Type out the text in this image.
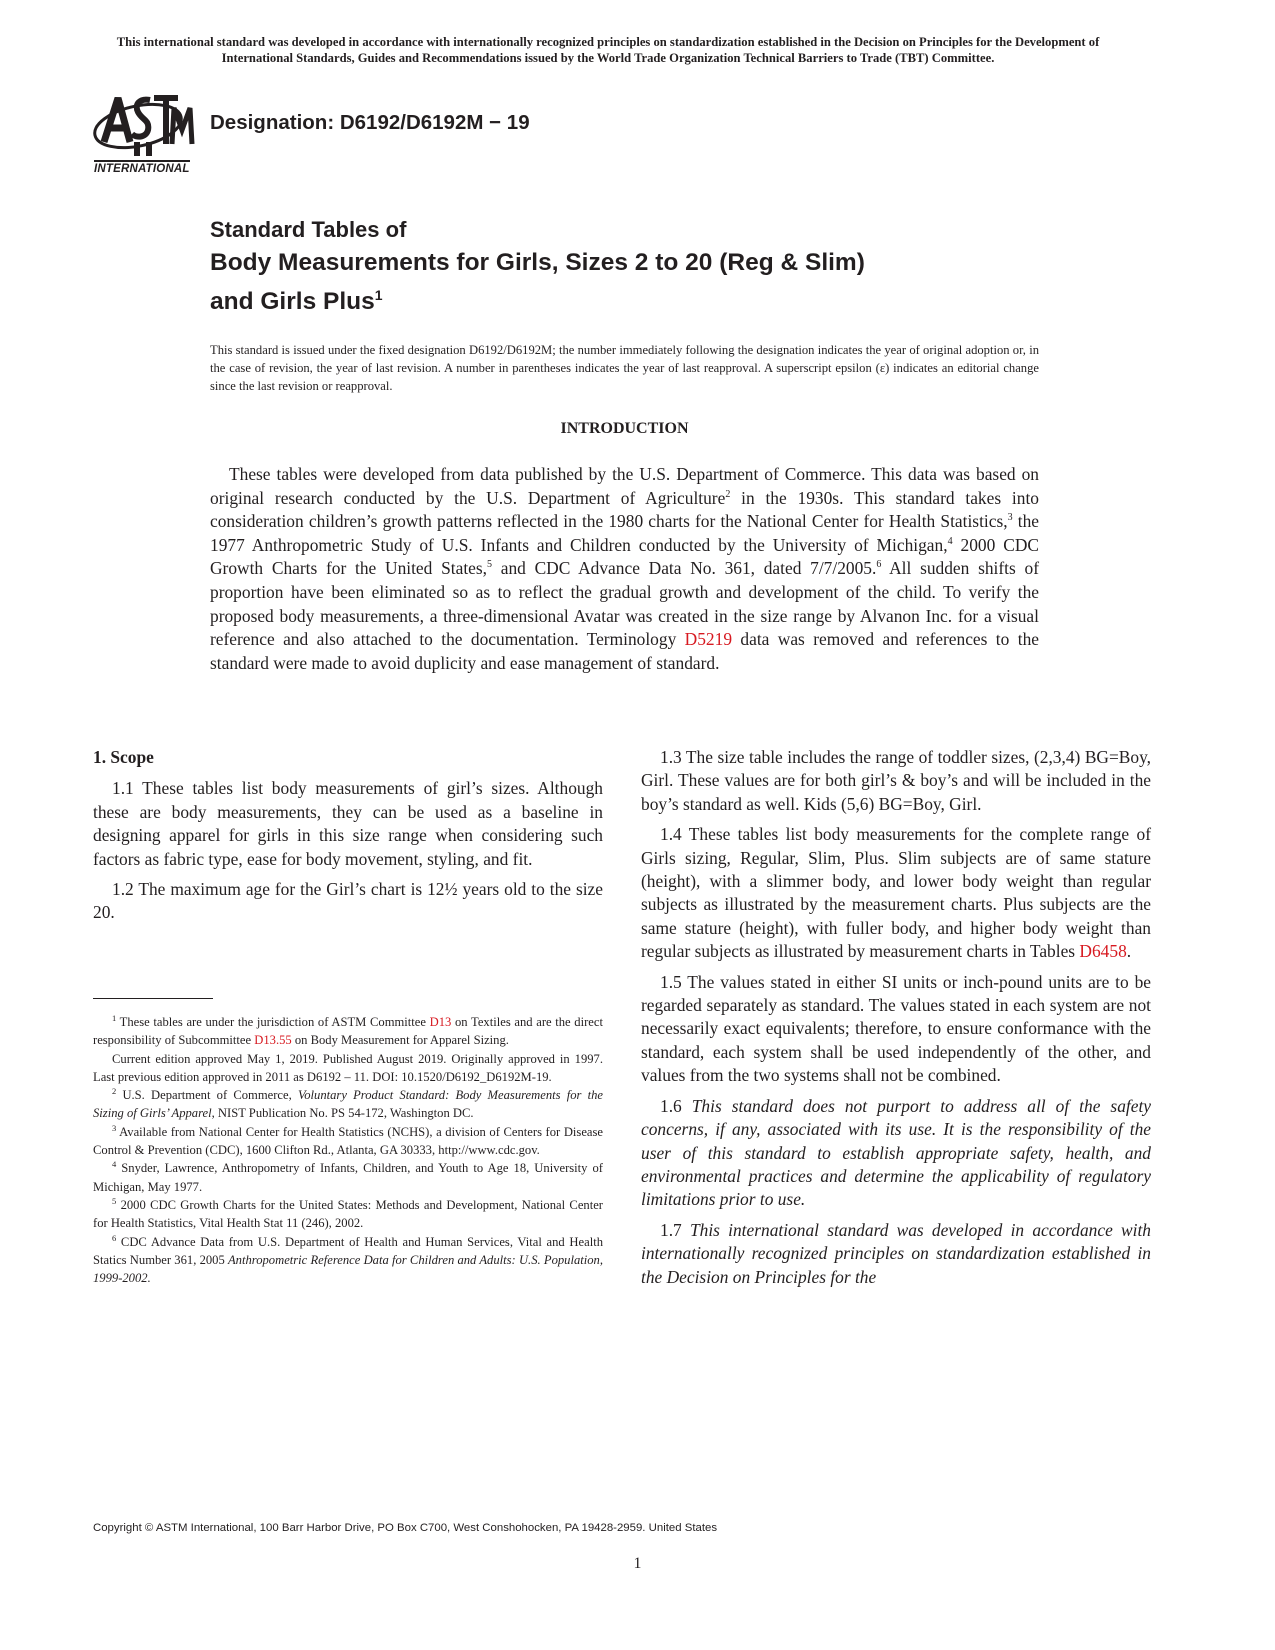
This international standard was developed in accordance with internationally recognized principles on standardization established in the Decision on Principles for the Development of International Standards, Guides and Recommendations issued by the World Trade Organization Technical Barriers to Trade (TBT) Committee.
INTERNATIONAL
Designation: D6192/D6192M − 19
Standard Tables of
Body Measurements for Girls, Sizes 2 to 20 (Reg & Slim)
and Girls Plus$^1$
This standard is issued under the fixed designation D6192/D6192M; the number immediately following the designation indicates the year of original adoption or, in the case of revision, the year of last revision. A number in parentheses indicates the year of last reapproval. A superscript epsilon (ε) indicates an editorial change since the last revision or reapproval.
INTRODUCTION
These tables were developed from data published by the U.S. Department of Commerce. This data was based on original research conducted by the U.S. Department of Agriculture$^2$ in the 1930s. This standard takes into consideration children’s growth patterns reflected in the 1980 charts for the National Center for Health Statistics,$^3$ the 1977 Anthropometric Study of U.S. Infants and Children conducted by the University of Michigan,$^4$ 2000 CDC Growth Charts for the United States,$^5$ and CDC Advance Data No. 361, dated 7/7/2005.$^6$ All sudden shifts of proportion have been eliminated so as to reflect the gradual growth and development of the child. To verify the proposed body measurements, a three-dimensional Avatar was created in the size range by Alvanon Inc. for a visual reference and also attached to the documentation. Terminology D5219 data was removed and references to the standard were made to avoid duplicity and ease management of standard.
1. Scope

1.1 These tables list body measurements of girl’s sizes. Although these are body measurements, they can be used as a baseline in designing apparel for girls in this size range when considering such factors as fabric type, ease for body movement, styling, and fit.

1.2 The maximum age for the Girl’s chart is 12½ years old to the size 20.

$^1$ These tables are under the jurisdiction of ASTM Committee D13 on Textiles and are the direct responsibility of Subcommittee D13.55 on Body Measurement for Apparel Sizing.

Current edition approved May 1, 2019. Published August 2019. Originally approved in 1997. Last previous edition approved in 2011 as D6192 – 11. DOI: 10.1520/D6192_D6192M-19.

$^2$ U.S. Department of Commerce, Voluntary Product Standard: Body Measurements for the Sizing of Girls’ Apparel, NIST Publication No. PS 54-172, Washington DC.

$^3$ Available from National Center for Health Statistics (NCHS), a division of Centers for Disease Control & Prevention (CDC), 1600 Clifton Rd., Atlanta, GA 30333, http://www.cdc.gov.

$^4$ Snyder, Lawrence, Anthropometry of Infants, Children, and Youth to Age 18, University of Michigan, May 1977.

$^5$ 2000 CDC Growth Charts for the United States: Methods and Development, National Center for Health Statistics, Vital Health Stat 11 (246), 2002.

$^6$ CDC Advance Data from U.S. Department of Health and Human Services, Vital and Health Statics Number 361, 2005 Anthropometric Reference Data for Children and Adults: U.S. Population, 1999-2002.

1.3 The size table includes the range of toddler sizes, (2,3,4) BG=Boy, Girl. These values are for both girl’s & boy’s and will be included in the boy’s standard as well. Kids (5,6) BG=Boy, Girl.

1.4 These tables list body measurements for the complete range of Girls sizing, Regular, Slim, Plus. Slim subjects are of same stature (height), with a slimmer body, and lower body weight than regular subjects as illustrated by the measurement charts. Plus subjects are the same stature (height), with fuller body, and higher body weight than regular subjects as illustrated by measurement charts in Tables D6458.

1.5 The values stated in either SI units or inch-pound units are to be regarded separately as standard. The values stated in each system are not necessarily exact equivalents; therefore, to ensure conformance with the standard, each system shall be used independently of the other, and values from the two systems shall not be combined.

1.6 This standard does not purport to address all of the safety concerns, if any, associated with its use. It is the responsibility of the user of this standard to establish appropriate safety, health, and environmental practices and determine the applicability of regulatory limitations prior to use.

1.7 This international standard was developed in accordance with internationally recognized principles on standardization established in the Decision on Principles for the

Copyright © ASTM International, 100 Barr Harbor Drive, PO Box C700, West Conshohocken, PA 19428-2959. United States
1
